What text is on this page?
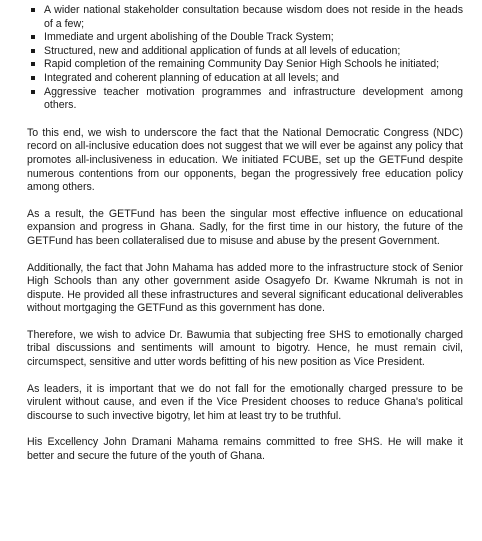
A wider national stakeholder consultation because wisdom does not reside in the heads of a few;
Immediate and urgent abolishing of the Double Track System;
Structured, new and additional application of funds at all levels of education;
Rapid completion of the remaining Community Day Senior High Schools he initiated;
Integrated and coherent planning of education at all levels; and
Aggressive teacher motivation programmes and infrastructure development among others.

To this end, we wish to underscore the fact that the National Democratic Congress (NDC) record on all-inclusive education does not suggest that we will ever be against any policy that promotes all-inclusiveness in education. We initiated FCUBE, set up the GETFund despite numerous contentions from our opponents, began the progressively free education policy among others.

As a result, the GETFund has been the singular most effective influence on educational expansion and progress in Ghana. Sadly, for the first time in our history, the future of the GETFund has been collateralised due to misuse and abuse by the present Government.

Additionally, the fact that John Mahama has added more to the infrastructure stock of Senior High Schools than any other government aside Osagyefo Dr. Kwame Nkrumah is not in dispute. He provided all these infrastructures and several significant educational deliverables without mortgaging the GETFund as this government has done.

Therefore, we wish to advice Dr. Bawumia that subjecting free SHS to emotionally charged tribal discussions and sentiments will amount to bigotry. Hence, he must remain civil, circumspect, sensitive and utter words befitting of his new position as Vice President.

As leaders, it is important that we do not fall for the emotionally charged pressure to be virulent without cause, and even if the Vice President chooses to reduce Ghana's political discourse to such invective bigotry, let him at least try to be truthful.

His Excellency John Dramani Mahama remains committed to free SHS. He will make it better and secure the future of the youth of Ghana.
